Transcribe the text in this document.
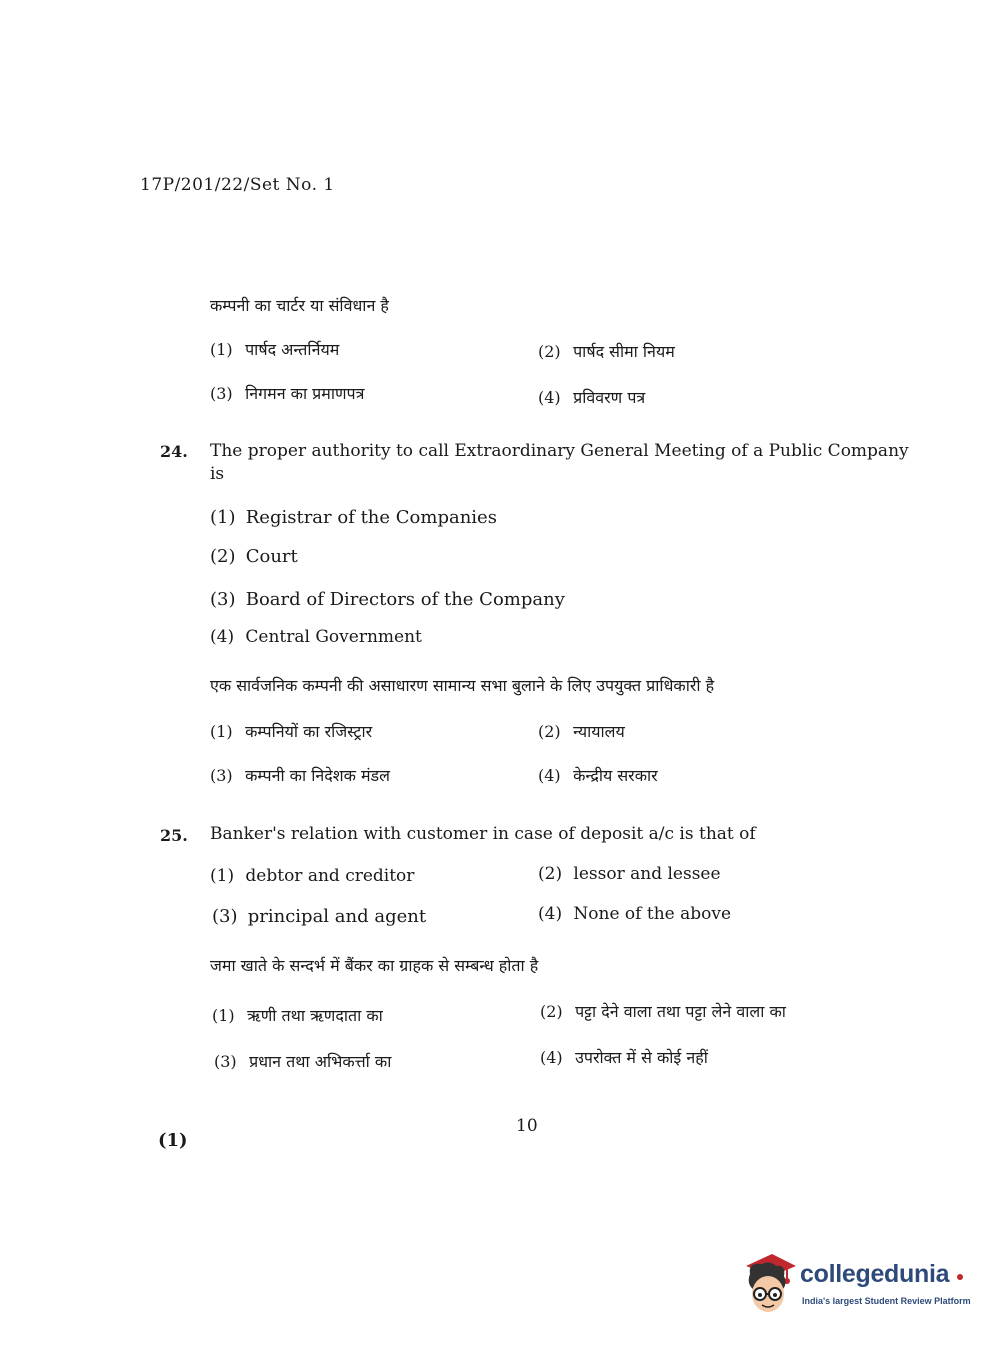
17P/201/22/Set No. 1
कम्पनी का चार्टर या संविधान है
(1) पार्षद अन्तर्नियम	(2) पार्षद सीमा नियम
(3) निगमन का प्रमाणपत्र	(4) प्रविवरण पत्र
24. The proper authority to call Extraordinary General Meeting of a Public Company
is
(1) Registrar of the Companies
(2) Court
(3) Board of Directors of the Company
(4) Central Government
एक सार्वजनिक कम्पनी की असाधारण सामान्य सभा बुलाने के लिए उपयुक्त प्राधिकारी है
(1) कम्पनियों का रजिस्ट्रार	(2) न्यायालय
(3) कम्पनी का निदेशक मंडल	(4) केन्द्रीय सरकार
25. Banker's relation with customer in case of deposit a/c is that of
(1) debtor and creditor	(2) lessor and lessee
(3) principal and agent	(4) None of the above
जमा खाते के सन्दर्भ में बैंकर का ग्राहक से सम्बन्ध होता है
(1) ऋणी तथा ऋणदाता का	(2) पट्टा देने वाला तथा पट्टा लेने वाला का
(3) प्रधान तथा अभिकर्त्ता का	(4) उपरोक्त में से कोई नहीं
10
(1)
collegedunia
India's largest Student Review Platform
